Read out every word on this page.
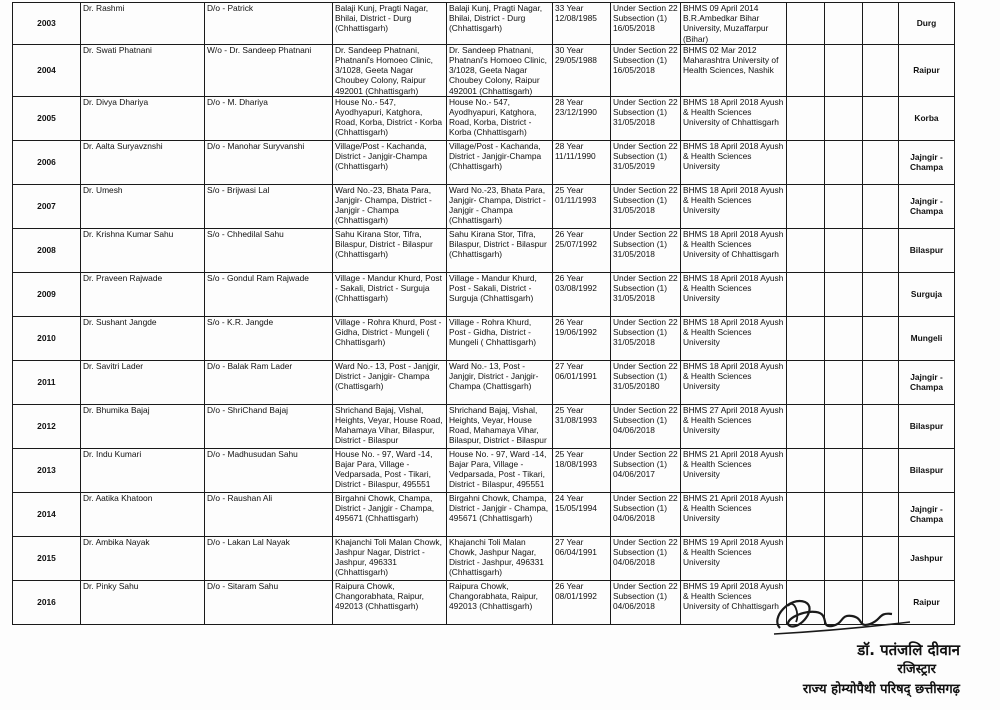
2003	Dr. Rashmi	D/o - Patrick	Balaji Kunj, Pragti Nagar, Bhilai, District - Durg (Chhattisgarh)	Balaji Kunj, Pragti Nagar, Bhilai, District - Durg (Chhattisgarh)	33 Year 12/08/1985	Under Section 22 Subsection (1) 16/05/2018	BHMS 09 April 2014 B.R.Ambedkar Bihar University, Muzaffarpur (Bihar)				Durg
2004	Dr. Swati Phatnani	W/o - Dr. Sandeep Phatnani	Dr. Sandeep Phatnani, Phatnani's Homoeo Clinic, 3/1028, Geeta Nagar Choubey Colony, Raipur 492001 (Chhattisgarh)	Dr. Sandeep Phatnani, Phatnani's Homoeo Clinic, 3/1028, Geeta Nagar Choubey Colony, Raipur 492001 (Chhattisgarh)	30 Year 29/05/1988	Under Section 22 Subsection (1) 16/05/2018	BHMS 02 Mar 2012 Maharashtra University of Health Sciences, Nashik				Raipur
2005	Dr. Divya Dhariya	D/o - M. Dhariya	House No.- 547, Ayodhyapuri, Katghora, Road, Korba, District - Korba (Chhattisgarh)	House No.- 547, Ayodhyapuri, Katghora, Road, Korba, District - Korba (Chhattisgarh)	28 Year 23/12/1990	Under Section 22 Subsection (1) 31/05/2018	BHMS 18 April 2018 Ayush & Health Sciences University of Chhattisgarh				Korba
2006	Dr. Aalta Suryavznshi	D/o - Manohar Suryvanshi	Village/Post - Kachanda, District - Janjgir-Champa (Chhattisgarh)	Village/Post - Kachanda, District - Janjgir-Champa (Chhattisgarh)	28 Year 11/11/1990	Under Section 22 Subsection (1) 31/05/2019	BHMS 18 April 2018 Ayush & Health Sciences University				Jajngir - Champa
2007	Dr. Umesh	S/o - Brijwasi Lal	Ward No.-23, Bhata Para, Janjgir- Champa, District - Janjgir - Champa (Chhattisgarh)	Ward No.-23, Bhata Para, Janjgir- Champa, District - Janjgir - Champa (Chhattisgarh)	25 Year 01/11/1993	Under Section 22 Subsection (1) 31/05/2018	BHMS 18 April 2018 Ayush & Health Sciences University				Jajngir - Champa
2008	Dr. Krishna Kumar Sahu	S/o - Chhedilal Sahu	Sahu Kirana Stor, Tifra, Bilaspur, District - Bilaspur (Chhattisgarh)	Sahu Kirana Stor, Tifra, Bilaspur, District - Bilaspur (Chhattisgarh)	26 Year 25/07/1992	Under Section 22 Subsection (1) 31/05/2018	BHMS 18 April 2018 Ayush & Health Sciences University of Chhattisgarh				Bilaspur
2009	Dr. Praveen Rajwade	S/o - Gondul Ram Rajwade	Village - Mandur Khurd, Post - Sakali, District - Surguja (Chhattisgarh)	Village - Mandur Khurd, Post - Sakali, District - Surguja (Chhattisgarh)	26 Year 03/08/1992	Under Section 22 Subsection (1) 31/05/2018	BHMS 18 April 2018 Ayush & Health Sciences University				Surguja
2010	Dr. Sushant Jangde	S/o - K.R. Jangde	Village - Rohra Khurd, Post - Gidha, District - Mungeli ( Chhattisgarh)	Village - Rohra Khurd, Post - Gidha, District - Mungeli ( Chhattisgarh)	26 Year 19/06/1992	Under Section 22 Subsection (1) 31/05/2018	BHMS 18 April 2018 Ayush & Health Sciences University				Mungeli
2011	Dr. Savitri Lader	D/o - Balak Ram Lader	Ward No.- 13, Post - Janjgir, District - Janjgir- Champa (Chattisgarh)	Ward No.- 13, Post - Janjgir, District - Janjgir- Champa (Chattisgarh)	27 Year 06/01/1991	Under Section 22 Subsection (1) 31/05/20180	BHMS 18 April 2018 Ayush & Health Sciences University				Jajngir - Champa
2012	Dr. Bhumika Bajaj	D/o - ShriChand Bajaj	Shrichand Bajaj, Vishal, Heights, Veyar, House Road, Mahamaya Vihar, Bilaspur, District - Bilaspur	Shrichand Bajaj, Vishal, Heights, Veyar, House Road, Mahamaya Vihar, Bilaspur, District - Bilaspur	25 Year 31/08/1993	Under Section 22 Subsection (1) 04/06/2018	BHMS 27 April 2018 Ayush & Health Sciences University				Bilaspur
2013	Dr. Indu Kumari	D/o - Madhusudan Sahu	House No. - 97, Ward -14, Bajar Para, Village - Vedparsada, Post - Tikari, District - Bilaspur, 495551	House No. - 97, Ward -14, Bajar Para, Village - Vedparsada, Post - Tikari, District - Bilaspur, 495551	25 Year 18/08/1993	Under Section 22 Subsection (1) 04/06/2017	BHMS 21 April 2018 Ayush & Health Sciences University				Bilaspur
2014	Dr. Aatika Khatoon	D/o - Raushan Ali	Birgahni Chowk, Champa, District - Janjgir - Champa, 495671 (Chhattisgarh)	Birgahni Chowk, Champa, District - Janjgir - Champa, 495671 (Chhattisgarh)	24 Year 15/05/1994	Under Section 22 Subsection (1) 04/06/2018	BHMS 21 April 2018 Ayush & Health Sciences University				Jajngir - Champa
2015	Dr. Ambika Nayak	D/o - Lakan Lal Nayak	Khajanchi Toli Malan Chowk, Jashpur Nagar, District - Jashpur, 496331 (Chhattisgarh)	Khajanchi Toli Malan Chowk, Jashpur Nagar, District - Jashpur, 496331 (Chhattisgarh)	27 Year 06/04/1991	Under Section 22 Subsection (1) 04/06/2018	BHMS 19 April 2018 Ayush & Health Sciences University				Jashpur
2016	Dr. Pinky Sahu	D/o - Sitaram Sahu	Raipura Chowk, Changorabhata, Raipur, 492013 (Chhattisgarh)	Raipura Chowk, Changorabhata, Raipur, 492013 (Chhattisgarh)	26 Year 08/01/1992	Under Section 22 Subsection (1) 04/06/2018	BHMS 19 April 2018 Ayush & Health Sciences University of Chhattisgarh				Raipur
डॉ. पतंजलि दीवान
रजिस्ट्रार
राज्य होम्योपैथी परिषद् छत्तीसगढ़
